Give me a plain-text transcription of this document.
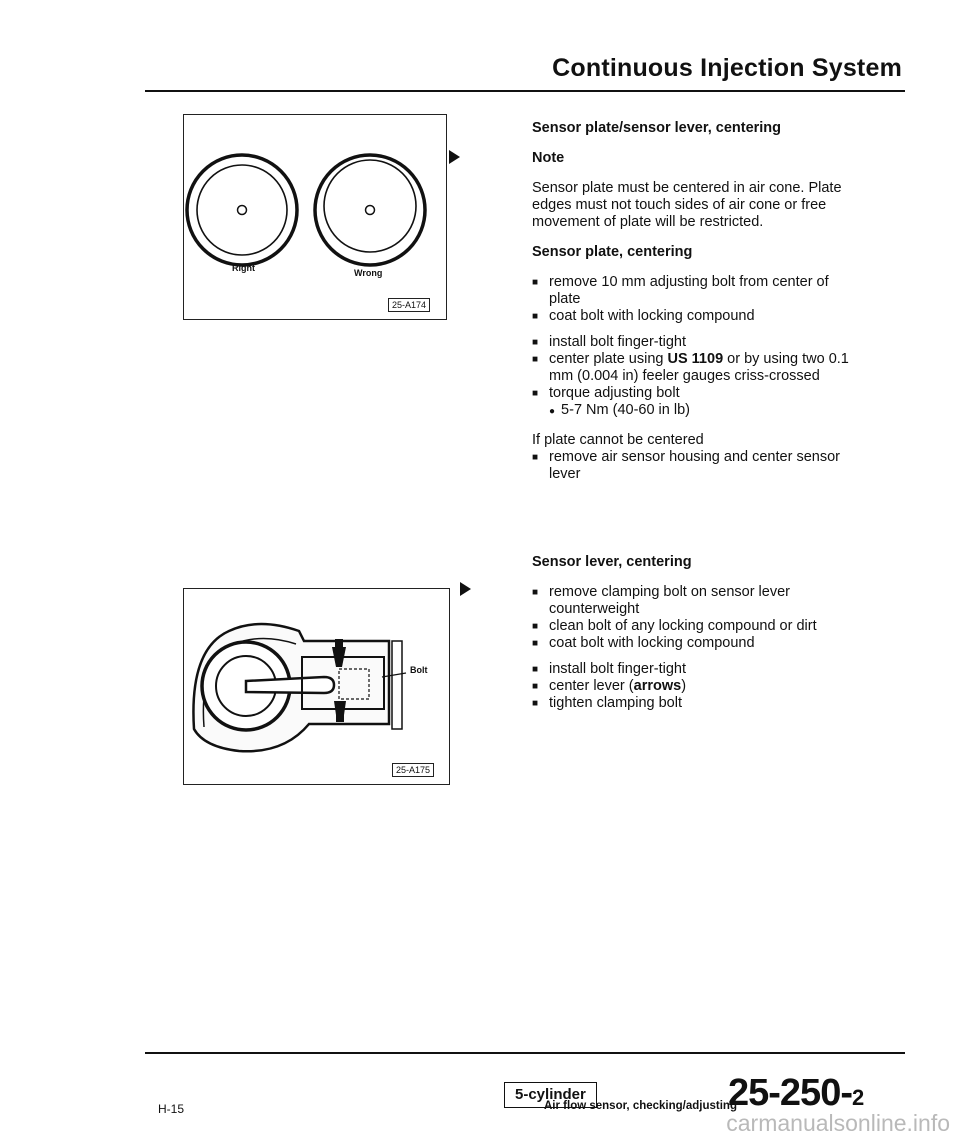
Continuous Injection System
Right	Wrong
25-A174
Sensor plate/sensor lever, centering
Note
Sensor plate must be centered in air cone. Plate edges must not touch sides of air cone or free movement of plate will be restricted.
Sensor plate, centering
■ remove 10 mm adjusting bolt from center of plate
■ coat bolt with locking compound
■ install bolt finger-tight
■ center plate using US 1109 or by using two 0.1 mm (0.004 in) feeler gauges criss-crossed
■ torque adjusting bolt
● 5-7 Nm (40-60 in lb)
If plate cannot be centered
■ remove air sensor housing and center sensor lever
Bolt
25-A175
Sensor lever, centering
■ remove clamping bolt on sensor lever counterweight
■ clean bolt of any locking compound or dirt
■ coat bolt with locking compound
■ install bolt finger-tight
■ center lever (arrows)
■ tighten clamping bolt
H-15
5-cylinder
Air flow sensor, checking/adjusting
25-250-2
carmanualsonline.info
